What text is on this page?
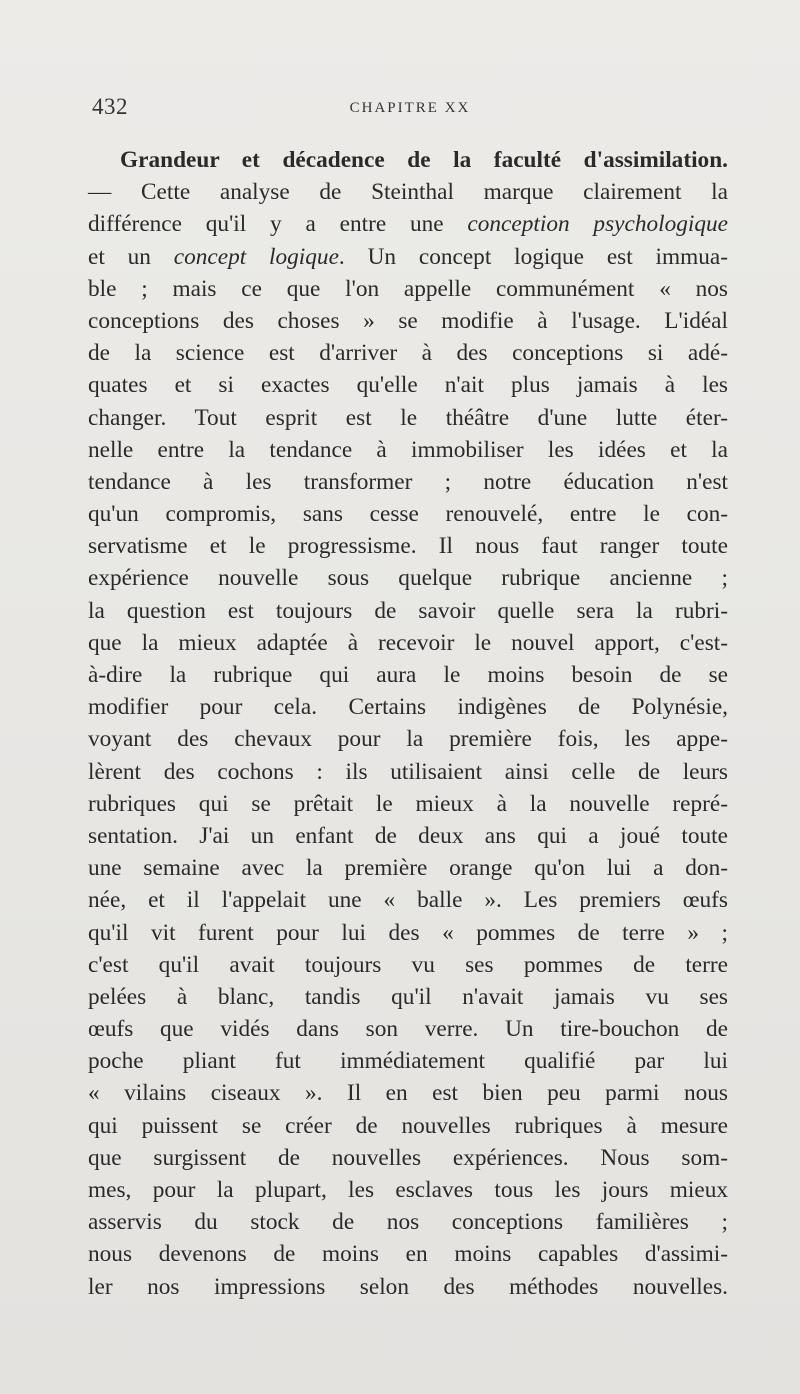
432	CHAPITRE XX
Grandeur et décadence de la faculté d'assimilation.
— Cette analyse de Steinthal marque clairement la
différence qu'il y a entre une conception psychologique
et un concept logique. Un concept logique est immua-
ble ; mais ce que l'on appelle communément « nos
conceptions des choses » se modifie à l'usage. L'idéal
de la science est d'arriver à des conceptions si adé-
quates et si exactes qu'elle n'ait plus jamais à les
changer. Tout esprit est le théâtre d'une lutte éter-
nelle entre la tendance à immobiliser les idées et la
tendance à les transformer ; notre éducation n'est
qu'un compromis, sans cesse renouvelé, entre le con-
servatisme et le progressisme. Il nous faut ranger toute
expérience nouvelle sous quelque rubrique ancienne ;
la question est toujours de savoir quelle sera la rubri-
que la mieux adaptée à recevoir le nouvel apport, c'est-
à-dire la rubrique qui aura le moins besoin de se
modifier pour cela. Certains indigènes de Polynésie,
voyant des chevaux pour la première fois, les appe-
lèrent des cochons : ils utilisaient ainsi celle de leurs
rubriques qui se prêtait le mieux à la nouvelle repré-
sentation. J'ai un enfant de deux ans qui a joué toute
une semaine avec la première orange qu'on lui a don-
née, et il l'appelait une « balle ». Les premiers œufs
qu'il vit furent pour lui des « pommes de terre » ;
c'est qu'il avait toujours vu ses pommes de terre
pelées à blanc, tandis qu'il n'avait jamais vu ses
œufs que vidés dans son verre. Un tire-bouchon de
poche pliant fut immédiatement qualifié par lui
« vilains ciseaux ». Il en est bien peu parmi nous
qui puissent se créer de nouvelles rubriques à mesure
que surgissent de nouvelles expériences. Nous som-
mes, pour la plupart, les esclaves tous les jours mieux
asservis du stock de nos conceptions familières ;
nous devenons de moins en moins capables d'assimi-
ler nos impressions selon des méthodes nouvelles.
